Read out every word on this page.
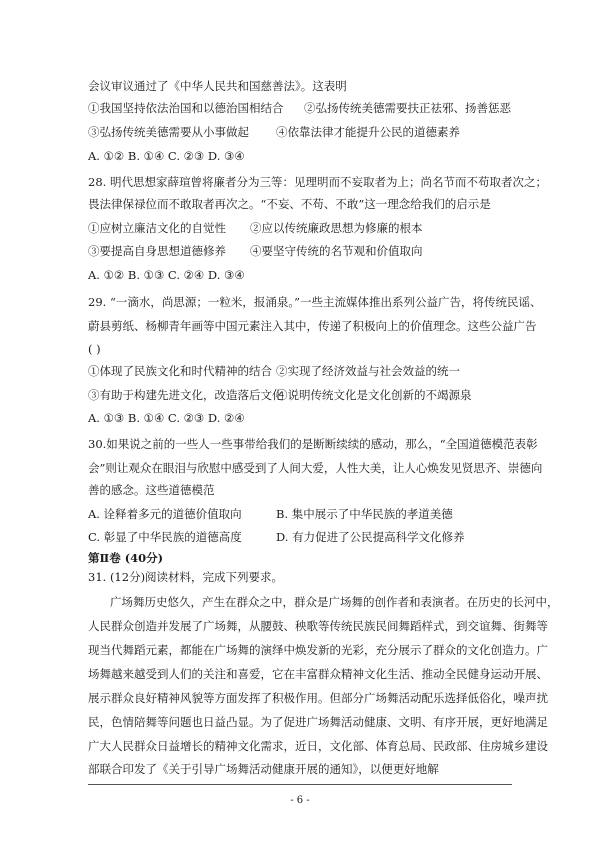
会议审议通过了《中华人民共和国慈善法》。这表明
①我国坚持依法治国和以德治国相结合 ②弘扬传统美德需要扶正祛邪、扬善惩恶
③弘扬传统美德需要从小事做起 ④依靠法律才能提升公民的道德素养
A. ①② B. ①④ C. ②③ D. ③④
28. 明代思想家薛瑄曾将廉者分为三等：见理明而不妄取者为上；尚名节而不苟取者次之；
畏法律保禄位而不敢取者再次之。“不妄、不苟、不敢”这一理念给我们的启示是
①应树立廉洁文化的自觉性 ②应以传统廉政思想为修廉的根本
③要提高自身思想道德修养 ④要坚守传统的名节观和价值取向
A. ①② B. ①③ C. ②④ D. ③④
29. “一滴水，尚思源；一粒米，报涌泉。”一些主流媒体推出系列公益广告，将传统民谣、
蔚县剪纸、杨柳青年画等中国元素注入其中，传递了积极向上的价值理念。这些公益广告
( )
①体现了民族文化和时代精神的结合 ②实现了经济效益与社会效益的统一
③有助于构建先进文化，改造落后文化
④说明传统文化是文化创新的不竭源泉
A. ①③ B. ①④ C. ②③ D. ②④
30.如果说之前的一些人一些事带给我们的是断断续续的感动，那么，“全国道德模范表彰
会”则让观众在眼泪与欣慰中感受到了人间大爱，人性大美，让人心焕发见贤思齐、崇德向
善的感念。这些道德模范
A. 诠释着多元的道德价值取向	B. 集中展示了中华民族的孝道美德
C. 彰显了中华民族的道德高度	D. 有力促进了公民提高科学文化修养
第Ⅱ卷 (40分)
31. (12分)阅读材料，完成下列要求。
广场舞历史悠久，产生在群众之中，群众是广场舞的创作者和表演者。在历史的长河中，
人民群众创造并发展了广场舞，从腰鼓、秧歌等传统民族民间舞蹈样式，到交谊舞、街舞等
现当代舞蹈元素，都能在广场舞的演绎中焕发新的光彩，充分展示了群众的文化创造力。广
场舞越来越受到人们的关注和喜爱，它在丰富群众精神文化生活、推动全民健身运动开展、
展示群众良好精神风貌等方面发挥了积极作用。但部分广场舞活动配乐选择低俗化，噪声扰
民，色情陪舞等问题也日益凸显。为了促进广场舞活动健康、文明、有序开展，更好地满足
广大人民群众日益增长的精神文化需求，近日，文化部、体育总局、民政部、住房城乡建设
部联合印发了《关于引导广场舞活动健康开展的通知》，以便更好地解
- 6 -
